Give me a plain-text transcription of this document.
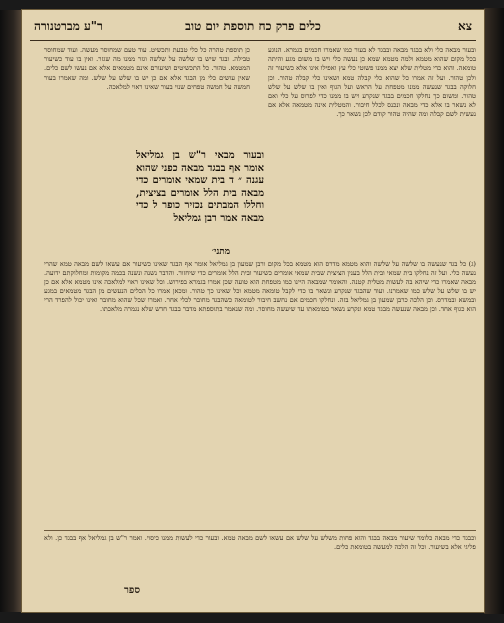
צא
כלים פרק כח תוספת יום טוב
ר"ע מברטנורה

ובעור מבאה כלי ולא בבגד מבאה ובבגד לא בעור כמו שאמרו חכמים בגמרא. הנוגע בכל מקום שהוא מטמא ולמה מטמא שמא כן נעשה כלי ויש בו משום מגע והיתה טומאה. והוא כדי מטלית שלא יצא ממנו פשוטי כלי עץ ואפילו אינו אלא כשיעור זה ולכן טהור. ועל זה אמרו כל שהוא כלי קבלה טמא ושאינו כלי קבלה טהור. וכן חלוקה בבגד שנעשה ממנו מטפחת על הראש ועל הגוף ואין בו שלש על שלש טהור. ומשום כך נחלקו חכמים בבגד שנקרע ויש בו ממנו כדי לפרוס על כלי ואם לא נשאר בו אלא כדי מבאה ונכנס לכלל חיבור. והמטלית אינה מטמאה אלא אם נעשית לשם קבלה ומה שהיה טהור קודם לכן נשאר כך.

כן תוספת טהרה כל כלי טבעת ותכשיט. עוד טעם שמחוסר מעשה. ועוד שמחוסר טבילה. ובגד שיש בו שלשה על שלשה וגזר ממנו מה שגזר. ואין בו עוד כשיעור המטמא. טהור. כל התכשיטים ושיעורם אינם מטמאים אלא אם נעשו לשם כלים. שאין עושים כלי מן הבגד אלא אם כן יש בו שלש על שלש. ומה שאמרו בעור חמשה על חמשה טפחים שנוי בעור שאינו ראוי למלאכה.

ובעור מבאי ר"ש בן גמליאל אומר אף בבגד מבאה כפני שהוא עגנה ״ ד בית שמאי אומרים כדי מבאה בית הלל אומרים בציצית, וחללו המבתים נכזיר כופר ל כדי מבאה אמר רבן גמליאל
מתני׳

(ג) כל בגד שנעשה בו שלשה על שלשה והוא מטמא מדרס הוא מטמא בכל מקום ורבן שמעון בן גמליאל אומר אף הבגד שאינו כשיעור אם עשאו לשם מבאה טמא שהרי נעשה כלי. ועל זה נחלקו בית שמאי ובית הלל בענין הציצית שבית שמאי אומרים כשיעור ובית הלל אומרים כדי שיחזור. והדבר נשנה ונשנה בכמה מקומות ומחלוקתם ידועה. מבאה שאמרו כדי שיהא בה לעשות מטלית קטנה. והאומר שמבאה היינו כמו מטפחת הוא טועה שכן אמרו בגמרא בפירוש. וכל שאינו ראוי למלאכה אינו מטמא אלא אם כן יש בו שלש על שלש כמו שאמרנו. ועוד שהבגד שנקרע ונשאר בו כדי לקבל טומאה מטמא וכל שאינו כך טהור. ומכאן אמרו כל הכלים הנעשים מן הבגד מטמאים במגע ובמשא ובמדרס. וכן הלכה כרבן שמעון בן גמליאל בזה. ונחלקו חכמים אם נחשב חיבור לטומאה כשהבגד מחובר לכלי אחר. ואמרו שכל שהוא מחובר ואינו יכול להפרד הרי הוא כגוף אחד. וכן מבאה שנעשה מבגד טמא ונקרע נשאר בטומאתו עד שיעשה מחוסר. ומה שנאמר בתוספתא מדבר בבגד חדש שלא נגמרה מלאכתו.

וכבגד כדי מבאה כלומר שיעור מבאה בבגד והוא פחות משלש על שלש אם עשאו לשם מבאה טמא. ובעור כדי לעשות ממנו כיסוי. ואמר ר"ש בן גמליאל אף בבגד כן. ולא פליגי אלא בשיעור. וכל זה הלכה למעשה בטומאת כלים.

ספר
